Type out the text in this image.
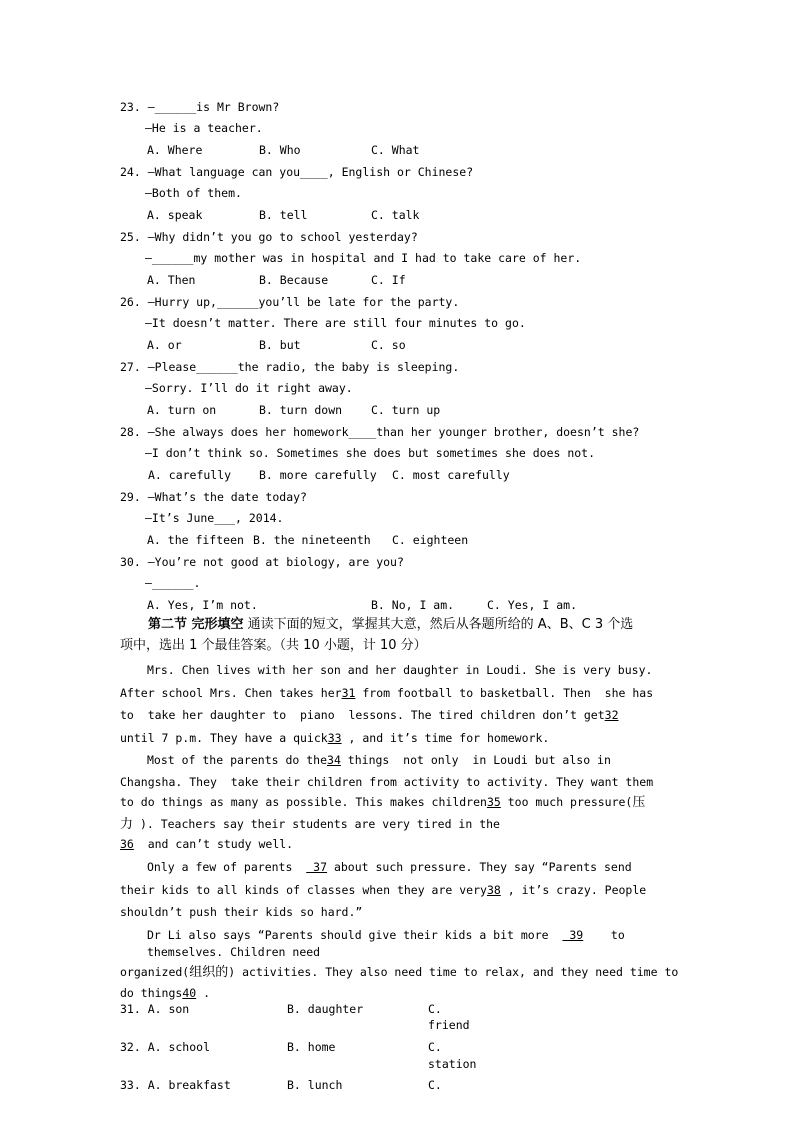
23. —______is Mr Brown?
—He is a teacher.
A. Where	B. Who	C. What
24. —What language can you____, English or Chinese?
—Both of them.
A. speak	B. tell	C. talk
25. —Why didn’t you go to school yesterday?
—______my mother was in hospital and I had to take care of her.
A. Then	B. Because	C. If
26. —Hurry up,______you’ll be late for the party.
—It doesn’t matter. There are still four minutes to go.
A. or	B. but	C. so
27. —Please______the radio, the baby is sleeping.
—Sorry. I’ll do it right away.
A. turn on	B. turn down	C. turn up
28. —She always does her homework____than her younger brother, doesn’t she?
—I don’t think so. Sometimes she does but sometimes she does not.
A. carefully B. more carefully C. most carefully
29. —What’s the date today?
—It’s June___, 2014.
A. the fifteen B. the nineteenth C. eighteen
30. —You’re not good at biology, are you?
—______.
A. Yes, I’m not.	B. No, I am.	C. Yes, I am.
第二节 完形填空 通读下面的短文，掌握其大意，然后从各题所给的 A、B、C 3 个选
项中，选出 1 个最佳答案。（共 10 小题，计 10 分）
Mrs. Chen lives with her son and her daughter in Loudi. She is very busy.
After school Mrs. Chen takes her31 from football to basketball. Then  she has
to  take her daughter to  piano  lessons. The tired children don’t get32
until 7 p.m. They have a quick33 , and it’s time for homework.
Most of the parents do the34 things  not only  in Loudi but also in
Changsha. They  take their children from activity to activity. They want them
to do things as many as possible. This makes children35 too much pressure(压
力 ). Teachers say their students are very tired in the
36  and can’t study well.
Only a few of parents   37 about such pressure. They say “Parents send
their kids to all kinds of classes when they are very38 , it’s crazy. People
shouldn’t push their kids so hard.”
Dr Li also says “Parents should give their kids a bit more   39    to
themselves. Children need
organized(组织的) activities. They also need time to relax, and they need time to
do things40 .
31. A. son	B. daughter	C.
friend
32. A. school	B. home	C.
station
33. A. breakfast	B. lunch	C.
